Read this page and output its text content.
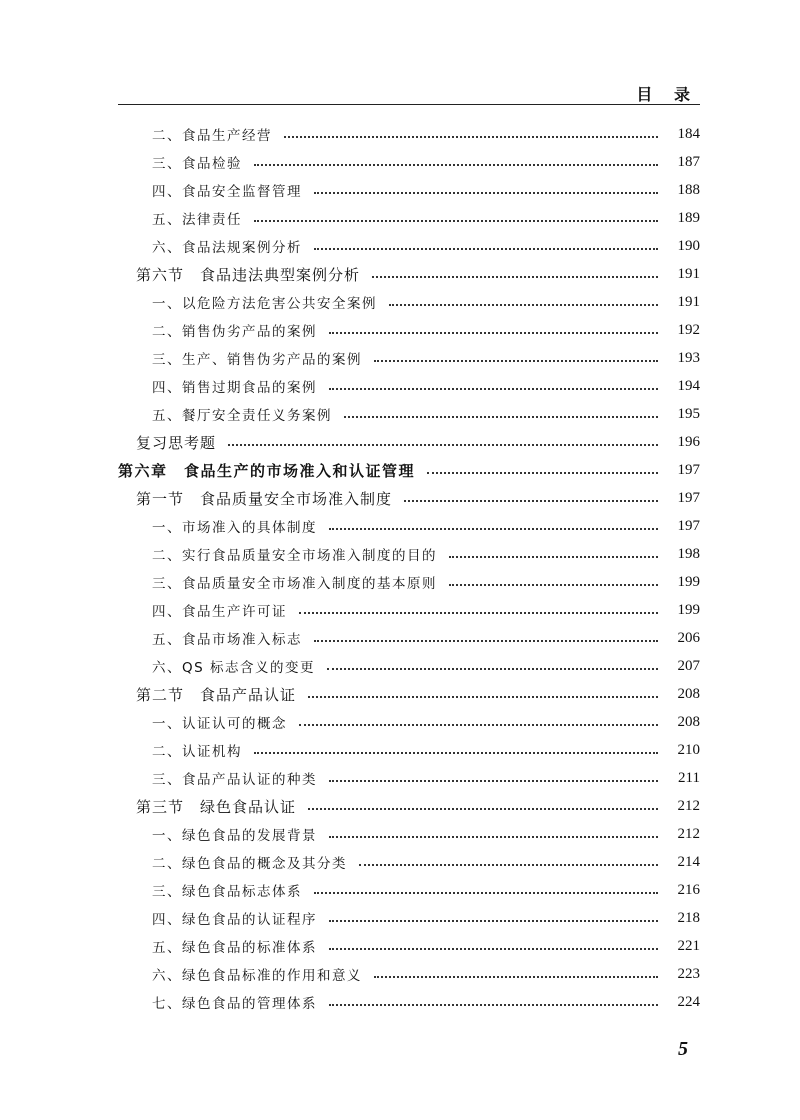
目 录
二、食品生产经营	184
三、食品检验	187
四、食品安全监督管理	188
五、法律责任	189
六、食品法规案例分析	190
第六节　食品违法典型案例分析	191
一、以危险方法危害公共安全案例	191
二、销售伪劣产品的案例	192
三、生产、销售伪劣产品的案例	193
四、销售过期食品的案例	194
五、餐厅安全责任义务案例	195
复习思考题	196
第六章　食品生产的市场准入和认证管理	197
第一节　食品质量安全市场准入制度	197
一、市场准入的具体制度	197
二、实行食品质量安全市场准入制度的目的	198
三、食品质量安全市场准入制度的基本原则	199
四、食品生产许可证	199
五、食品市场准入标志	206
六、QS 标志含义的变更	207
第二节　食品产品认证	208
一、认证认可的概念	208
二、认证机构	210
三、食品产品认证的种类	211
第三节　绿色食品认证	212
一、绿色食品的发展背景	212
二、绿色食品的概念及其分类	214
三、绿色食品标志体系	216
四、绿色食品的认证程序	218
五、绿色食品的标准体系	221
六、绿色食品标准的作用和意义	223
七、绿色食品的管理体系	224
5
